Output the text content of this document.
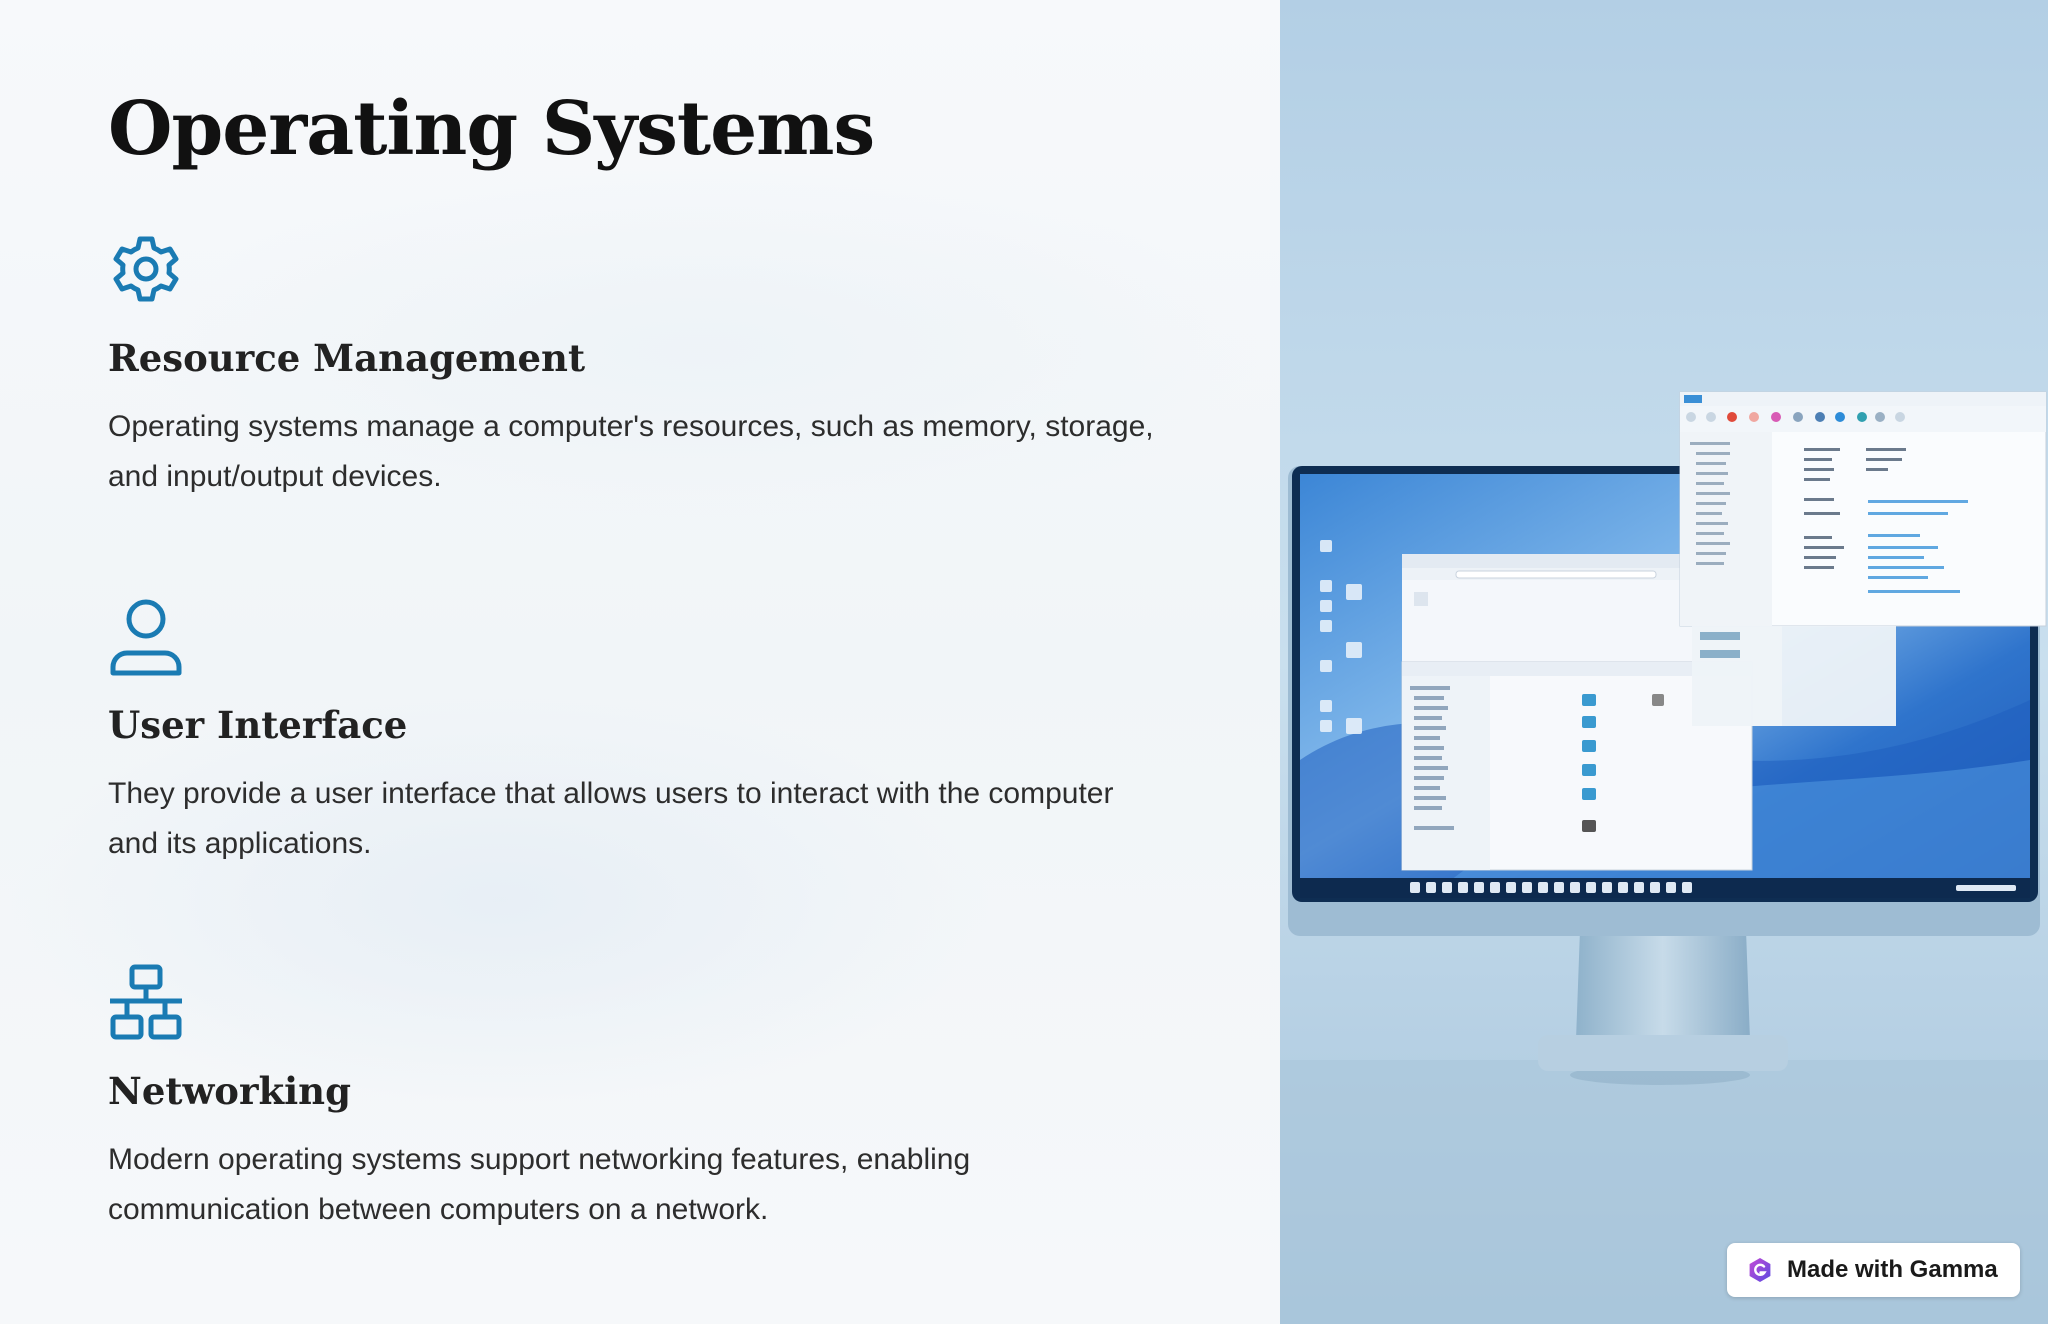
Operating Systems
Resource Management

Operating systems manage a computer's resources, such as memory, storage, and input/output devices.

User Interface

They provide a user interface that allows users to interact with the computer and its applications.

Networking

Modern operating systems support networking features, enabling communication between computers on a network.

Made with Gamma
